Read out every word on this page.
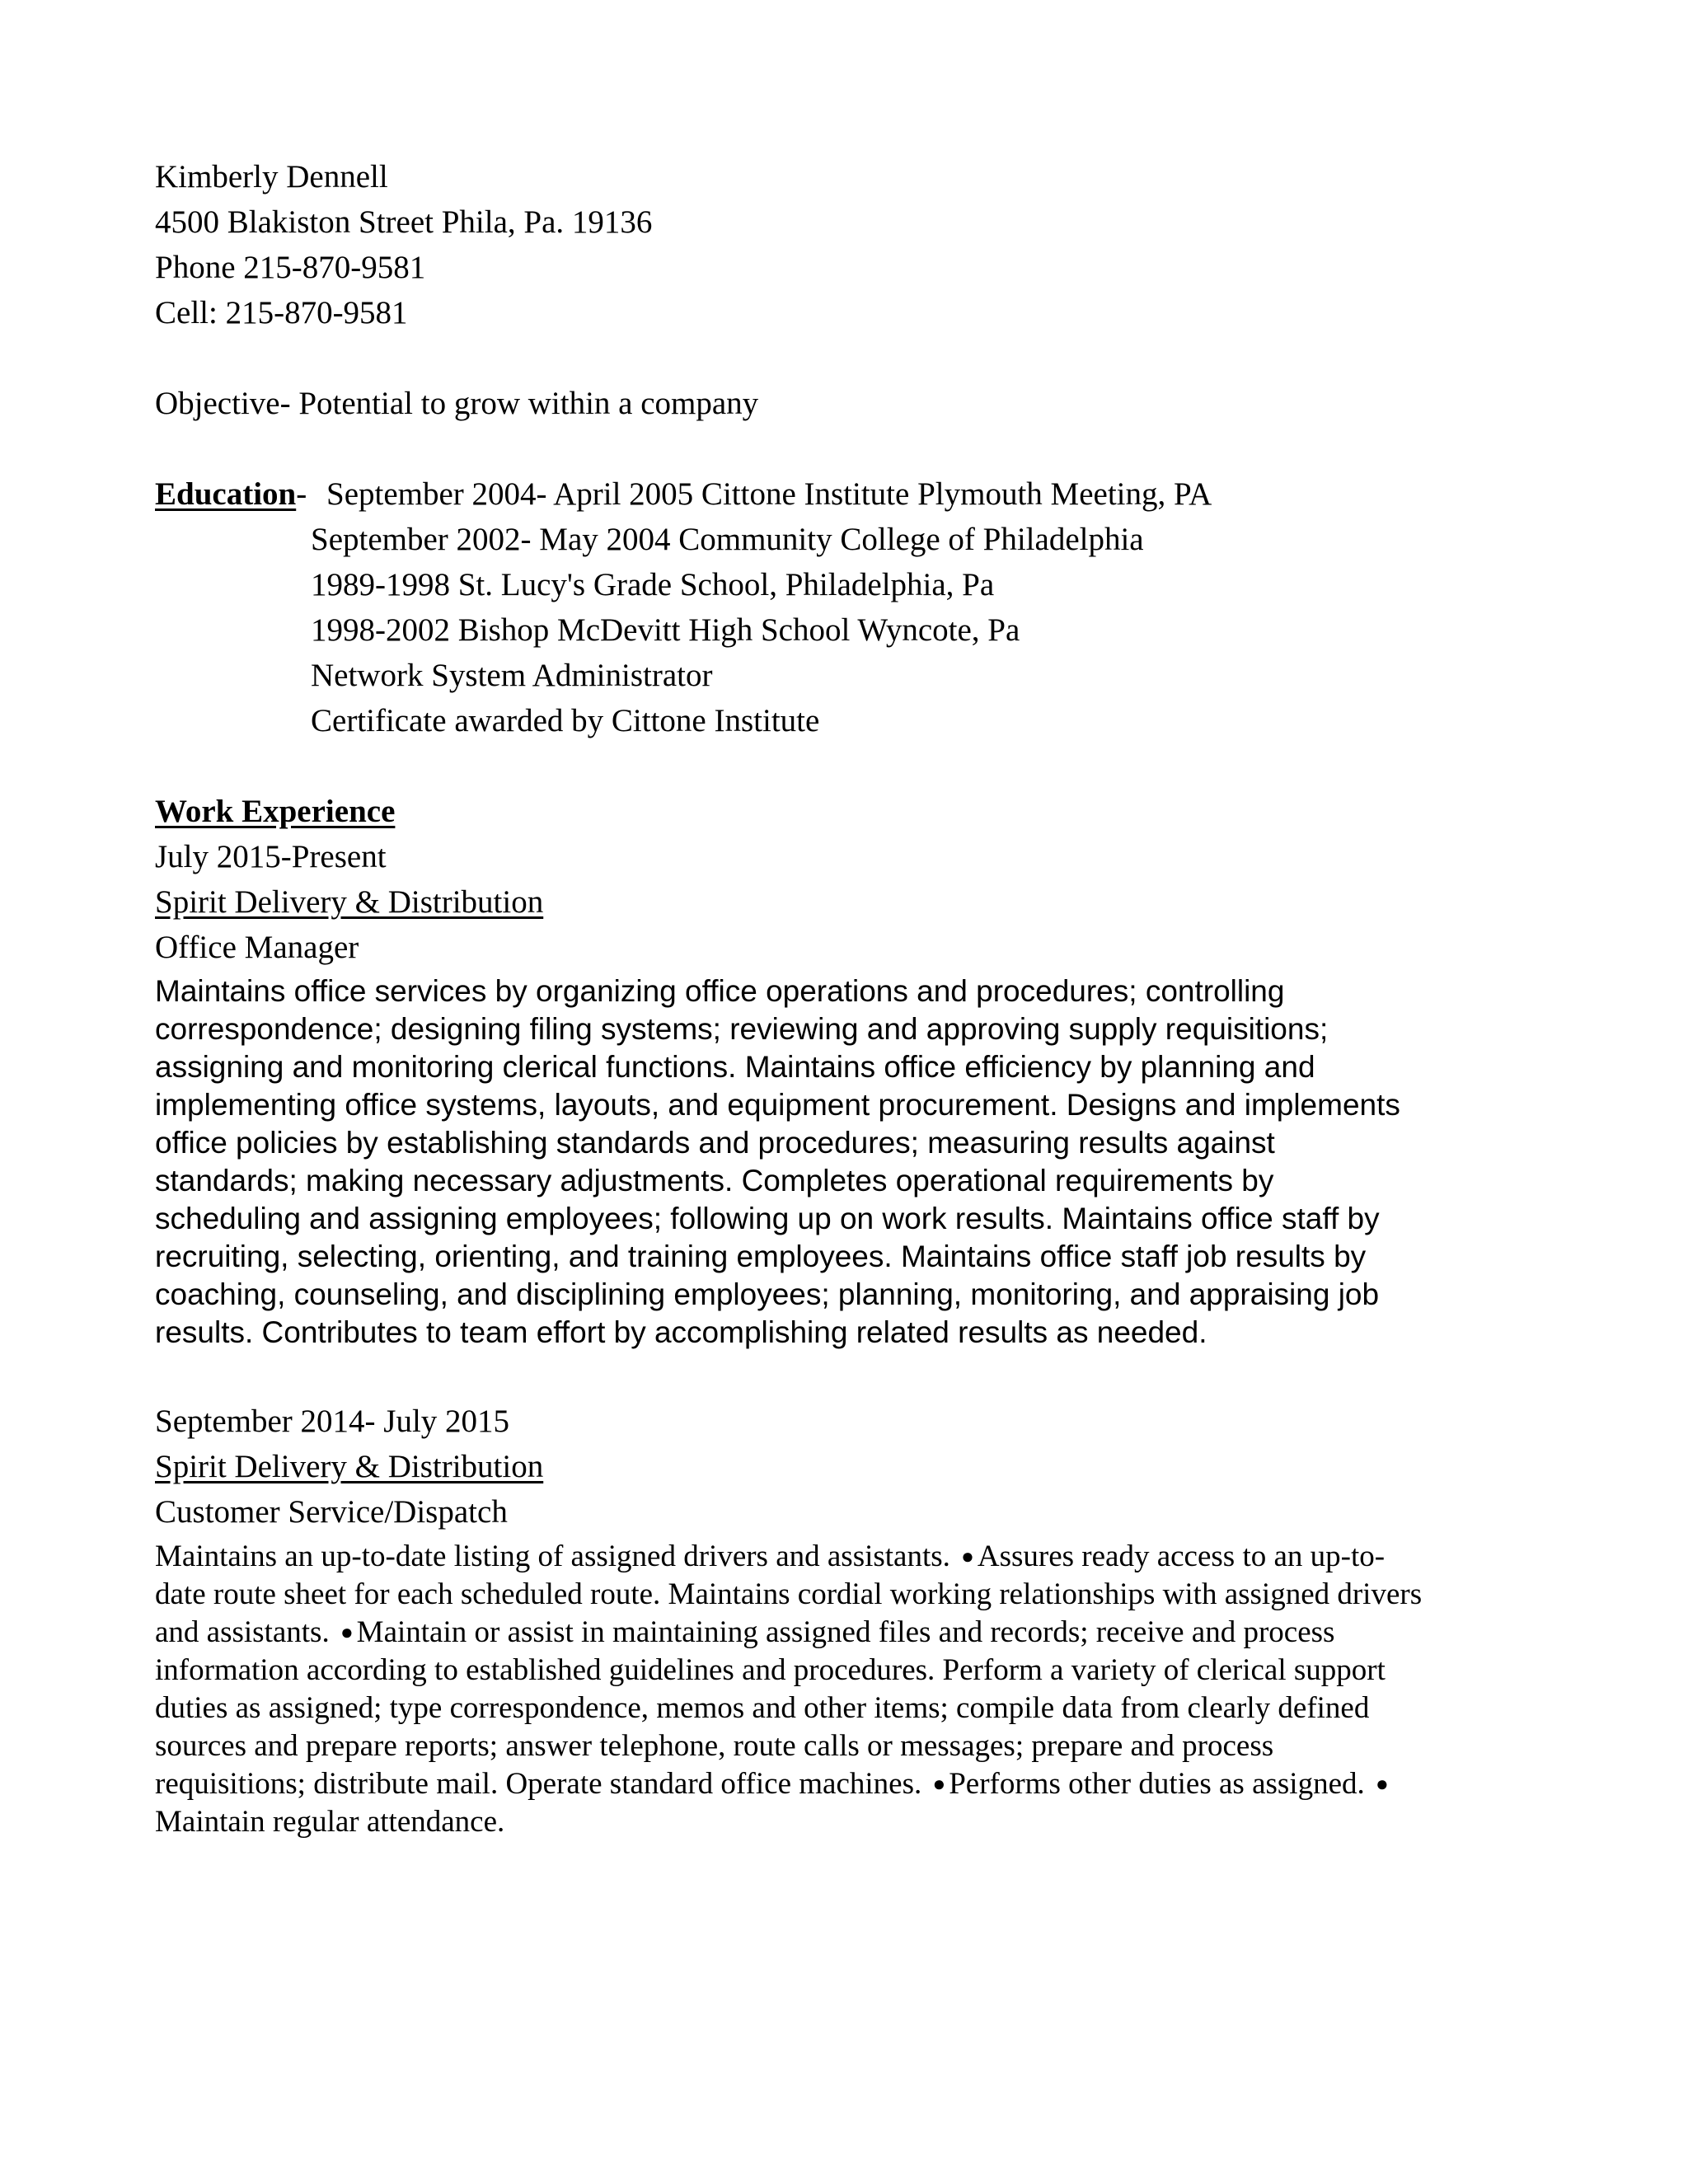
Kimberly Dennell
4500 Blakiston Street Phila, Pa. 19136
Phone 215-870-9581
Cell: 215-870-9581
Objective- Potential to grow within a company
Education- September 2004- April 2005 Cittone Institute Plymouth Meeting, PA
September 2002- May 2004 Community College of Philadelphia
1989-1998 St. Lucy's Grade School, Philadelphia, Pa
1998-2002 Bishop McDevitt High School Wyncote, Pa
Network System Administrator
Certificate awarded by Cittone Institute
Work Experience
July 2015-Present
Spirit Delivery & Distribution
Office Manager
Maintains office services by organizing office operations and procedures; controlling
correspondence; designing filing systems; reviewing and approving supply requisitions;
assigning and monitoring clerical functions. Maintains office efficiency by planning and
implementing office systems, layouts, and equipment procurement. Designs and implements
office policies by establishing standards and procedures; measuring results against
standards; making necessary adjustments. Completes operational requirements by
scheduling and assigning employees; following up on work results. Maintains office staff by
recruiting, selecting, orienting, and training employees. Maintains office staff job results by
coaching, counseling, and disciplining employees; planning, monitoring, and appraising job
results. Contributes to team effort by accomplishing related results as needed.
September 2014- July 2015
Spirit Delivery & Distribution
Customer Service/Dispatch
Maintains an up-to-date listing of assigned drivers and assistants. ● Assures ready access to an up-to-
date route sheet for each scheduled route. Maintains cordial working relationships with assigned drivers
and assistants. ● Maintain or assist in maintaining assigned files and records; receive and process
information according to established guidelines and procedures. Perform a variety of clerical support
duties as assigned; type correspondence, memos and other items; compile data from clearly defined
sources and prepare reports; answer telephone, route calls or messages; prepare and process
requisitions; distribute mail. Operate standard office machines. ● Performs other duties as assigned. ●
Maintain regular attendance.
